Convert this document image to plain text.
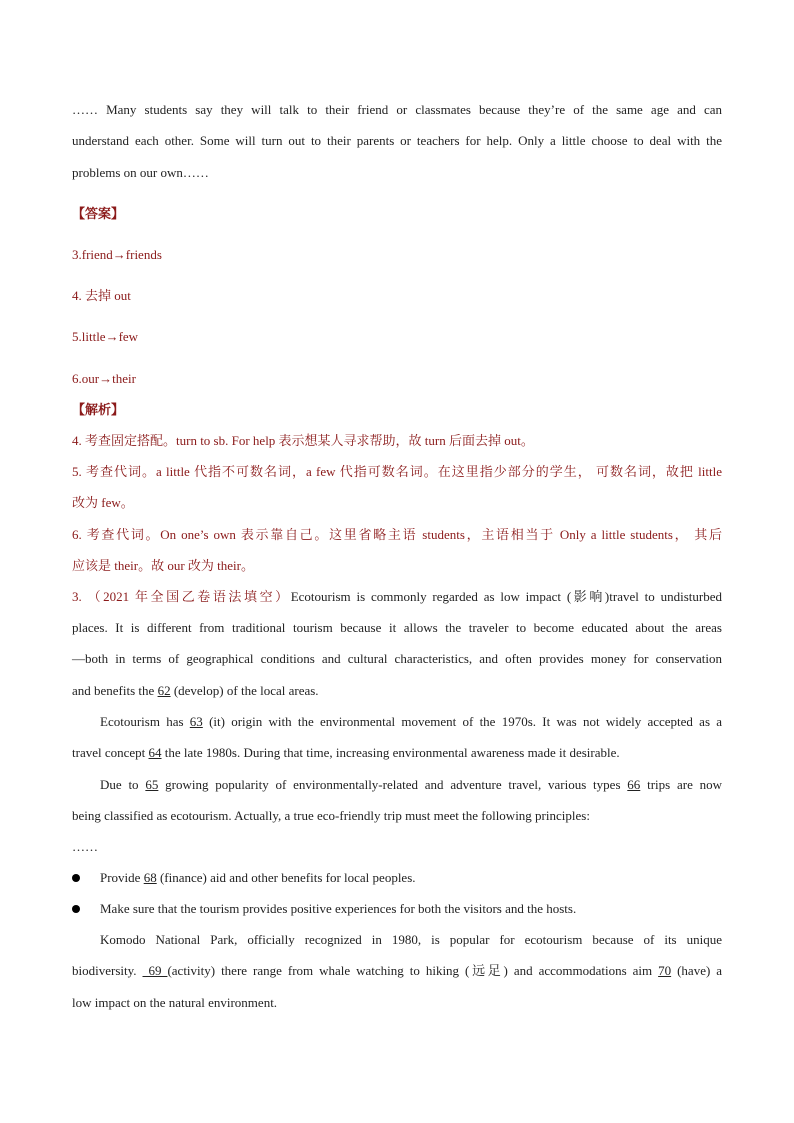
…… Many students say they will talk to their friend or classmates because they’re of the same age and can
understand each other. Some will turn out to their parents or teachers for help. Only a little choose to deal with the
problems on our own……
【答案】
3.friend→friends
4. 去掉 out
5.little→few
6.our→their
【解析】
4. 考查固定搭配。turn to sb. For help 表示想某人寻求帮助，故 turn 后面去掉 out。
5. 考查代词。a little 代指不可数名词，a few 代指可数名词。在这里指少部分的学生， 可数名词，故把 little
改为 few。
6. 考查代词。On one’s own 表示靠自己。这里省略主语 students，主语相当于 Only a little students， 其后
应该是 their。故 our 改为 their。
3. （2021 年全国乙卷语法填空）Ecotourism is commonly regarded as low impact (影响)travel to undisturbed
places. It is different from traditional tourism because it allows the traveler to become educated about the areas
—both in terms of geographical conditions and cultural characteristics, and often provides money for conservation
and benefits the 62 (develop) of the local areas.
Ecotourism has 63 (it) origin with the environmental movement of the 1970s. It was not widely accepted as a
travel concept 64 the late 1980s. During that time, increasing environmental awareness made it desirable.
Due to 65 growing popularity of environmentally-related and adventure travel, various types 66 trips are now
being classified as ecotourism. Actually, a true eco-friendly trip must meet the following principles:
……
Provide 68 (finance) aid and other benefits for local peoples.
Make sure that the tourism provides positive experiences for both the visitors and the hosts.
Komodo National Park, officially recognized in 1980, is popular for ecotourism because of its unique
biodiversity.  69 (activity) there range from whale watching to hiking (远足) and accommodations aim 70 (have) a
low impact on the natural environment.
